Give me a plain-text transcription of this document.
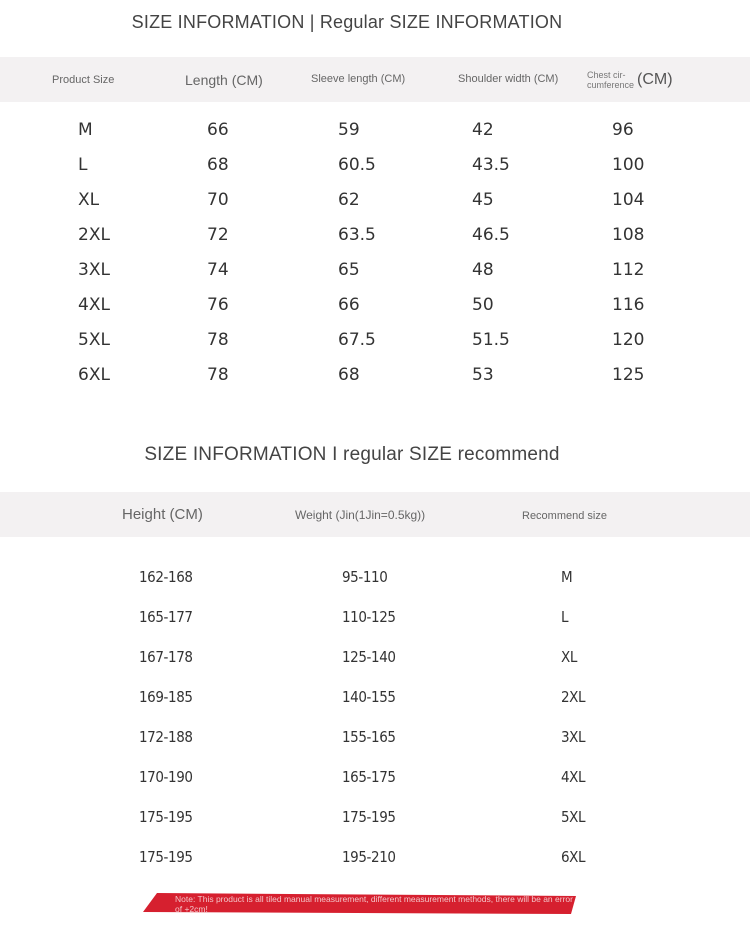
SIZE INFORMATION | Regular SIZE INFORMATION
Product Size	Length (CM)	Sleeve length (CM)	Shoulder width (CM)	Chest cir-cumference (CM)
M	66	59	42	96
L	68	60.5	43.5	100
XL	70	62	45	104
2XL	72	63.5	46.5	108
3XL	74	65	48	112
4XL	76	66	50	116
5XL	78	67.5	51.5	120
6XL	78	68	53	125
SIZE INFORMATION I regular SIZE recommend
Height (CM)	Weight (Jin(1Jin=0.5kg))	Recommend size
162-168	95-110	M
165-177	110-125	L
167-178	125-140	XL
169-185	140-155	2XL
172-188	155-165	3XL
170-190	165-175	4XL
175-195	175-195	5XL
175-195	195-210	6XL
Note: This product is all tiled manual measurement, different measurement methods, there will be an error of +2cm!
